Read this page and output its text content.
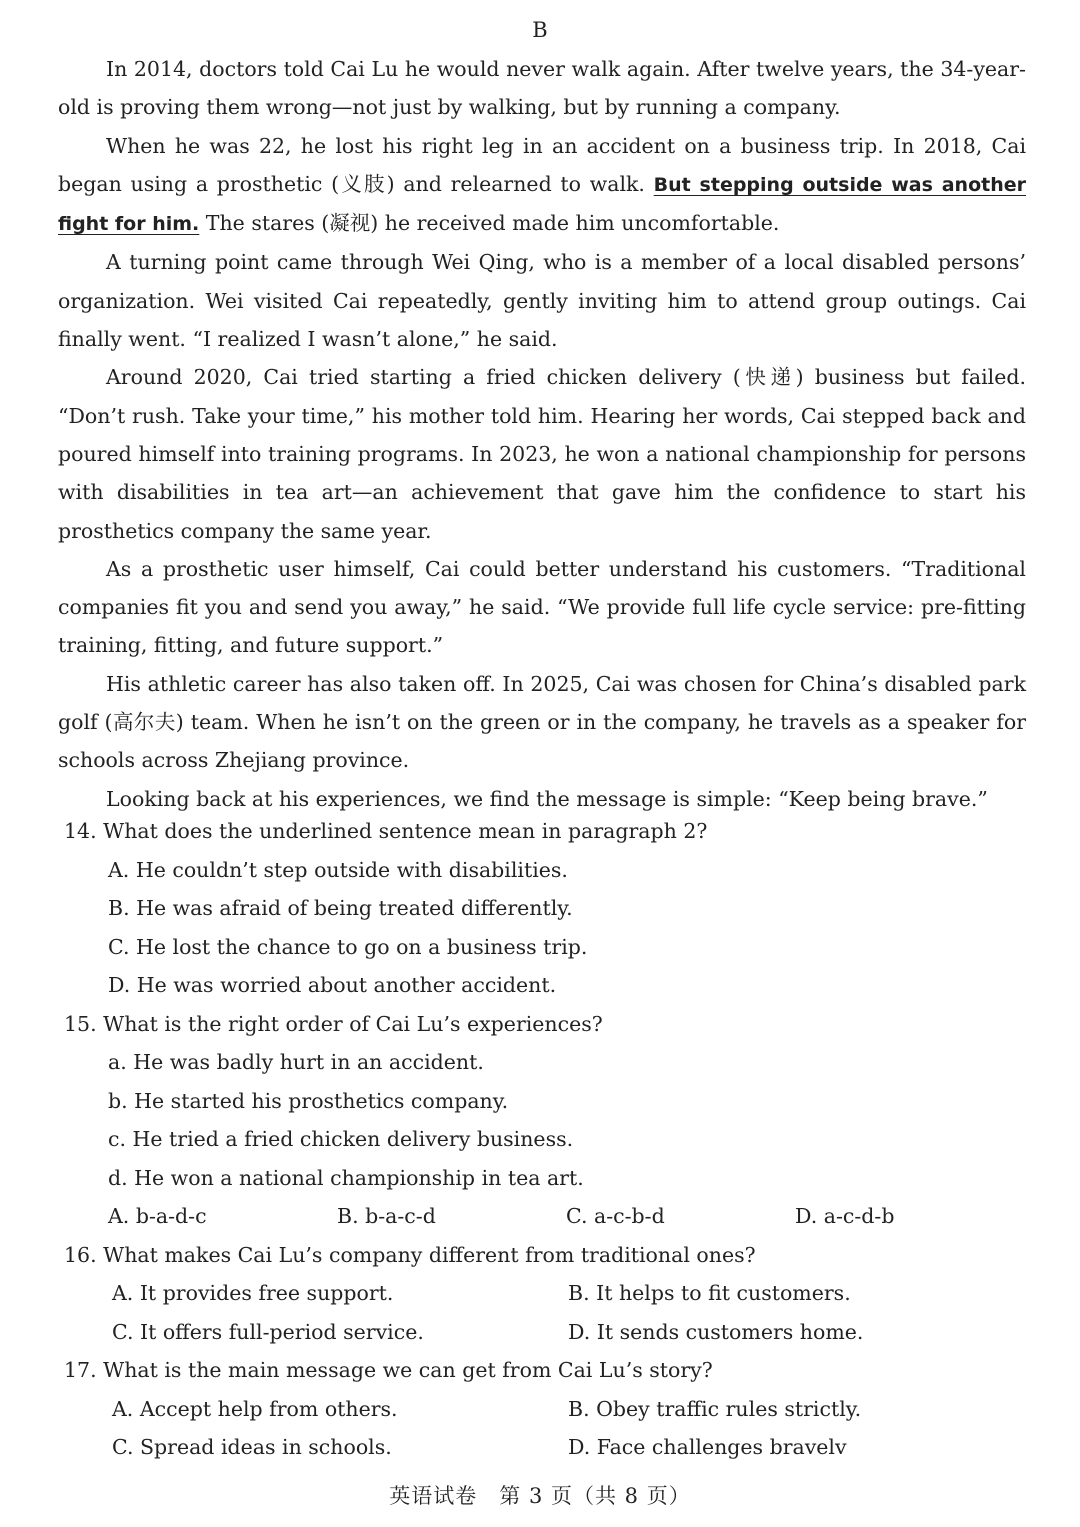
B

In 2014, doctors told Cai Lu he would never walk again. After twelve years, the 34-year-old is proving them wrong—not just by walking, but by running a company.

When he was 22, he lost his right leg in an accident on a business trip. In 2018, Cai began using a prosthetic (义肢) and relearned to walk. But stepping outside was another fight for him. The stares (凝视) he received made him uncomfortable.

A turning point came through Wei Qing, who is a member of a local disabled persons’ organization. Wei visited Cai repeatedly, gently inviting him to attend group outings. Cai finally went. “I realized I wasn’t alone,” he said.

Around 2020, Cai tried starting a fried chicken delivery (快递) business but failed. “Don’t rush. Take your time,” his mother told him. Hearing her words, Cai stepped back and poured himself into training programs. In 2023, he won a national championship for persons with disabilities in tea art—an achievement that gave him the confidence to start his prosthetics company the same year.

As a prosthetic user himself, Cai could better understand his customers. “Traditional companies fit you and send you away,” he said. “We provide full life cycle service: pre-fitting training, fitting, and future support.”

His athletic career has also taken off. In 2025, Cai was chosen for China’s disabled park golf (高尔夫) team. When he isn’t on the green or in the company, he travels as a speaker for schools across Zhejiang province.

Looking back at his experiences, we find the message is simple: “Keep being brave.”

14. What does the underlined sentence mean in paragraph 2?
A. He couldn’t step outside with disabilities.
B. He was afraid of being treated differently.
C. He lost the chance to go on a business trip.
D. He was worried about another accident.
15. What is the right order of Cai Lu’s experiences?
a. He was badly hurt in an accident.
b. He started his prosthetics company.
c. He tried a fried chicken delivery business.
d. He won a national championship in tea art.
A. b-a-d-c	B. b-a-c-d	C. a-c-b-d	D. a-c-d-b
16. What makes Cai Lu’s company different from traditional ones?
A. It provides free support.	B. It helps to fit customers.
C. It offers full-period service.	D. It sends customers home.
17. What is the main message we can get from Cai Lu’s story?
A. Accept help from others.	B. Obey traffic rules strictly.
C. Spread ideas in schools.	D. Face challenges bravelv
英语试卷　第 3 页（共 8 页）
